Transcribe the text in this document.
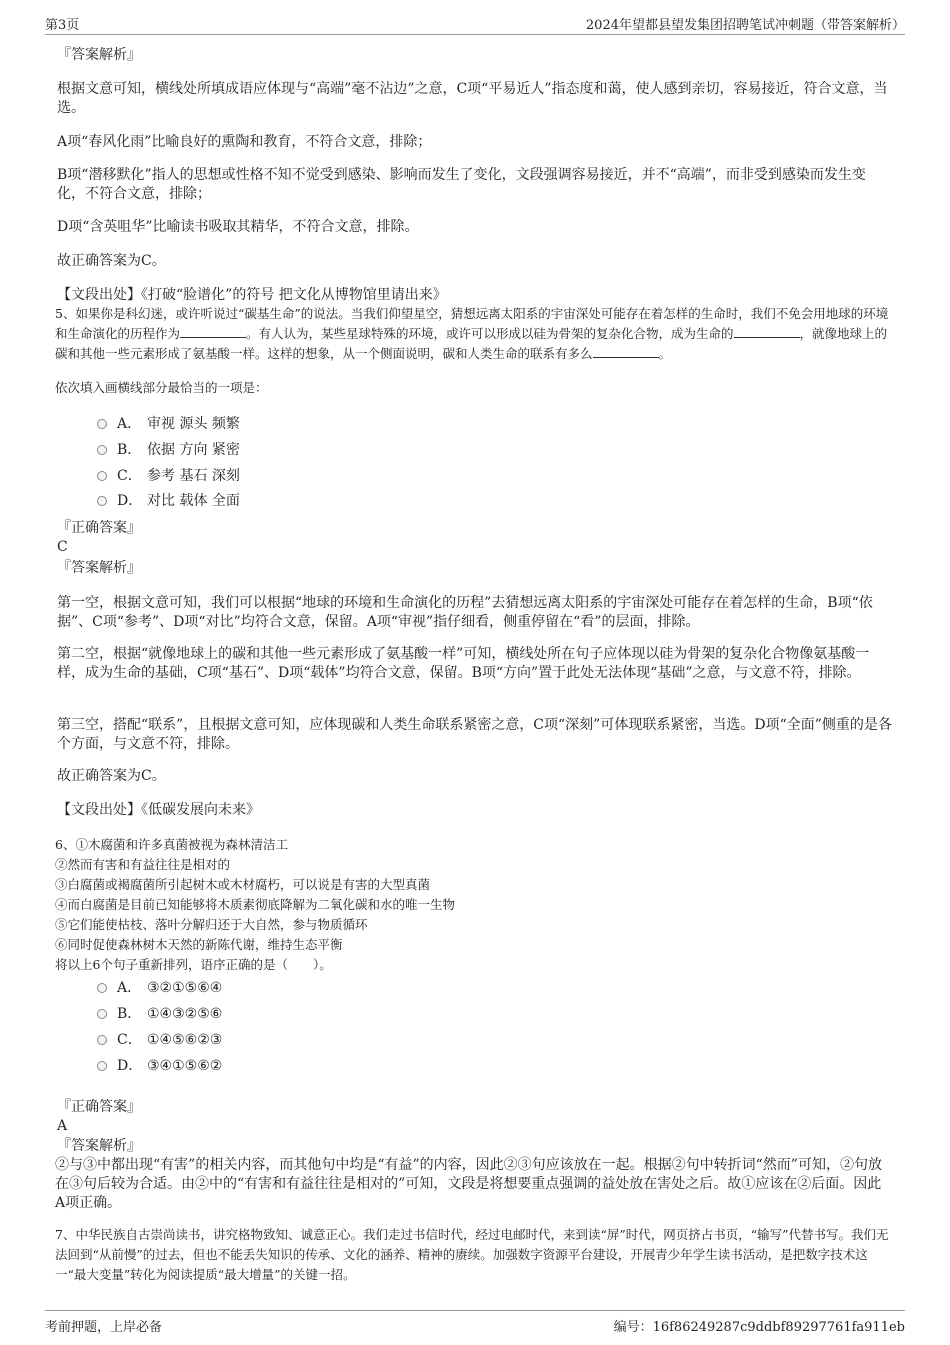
第3页	2024年望都县望发集团招聘笔试冲刺题（带答案解析）
『答案解析』
根据文意可知，横线处所填成语应体现与“高端”毫不沾边”之意，C项“平易近人”指态度和蔼，使人感到亲切，容易接近，符合文意，当选。
A项“春风化雨”比喻良好的熏陶和教育，不符合文意，排除；
B项“潜移默化”指人的思想或性格不知不觉受到感染、影响而发生了变化，文段强调容易接近，并不“高端”，而非受到感染而发生变化，不符合文意，排除；
D项“含英咀华”比喻读书吸取其精华，不符合文意，排除。
故正确答案为C。
【文段出处】《打破“脸谱化”的符号 把文化从博物馆里请出来》
5、如果你是科幻迷，或许听说过“碳基生命”的说法。当我们仰望星空，猜想远离太阳系的宇宙深处可能存在着怎样的生命时，我们不免会用地球的环境和生命演化的历程作为	。有人认为，某些星球特殊的环境，或许可以形成以硅为骨架的复杂化合物，成为生命的	，就像地球上的碳和其他一些元素形成了氨基酸一样。这样的想象，从一个侧面说明，碳和人类生命的联系有多么	。
依次填入画横线部分最恰当的一项是：
A． 审视 源头 频繁
B． 依据 方向 紧密
C． 参考 基石 深刻
D． 对比 载体 全面
『正确答案』
C
『答案解析』
第一空，根据文意可知，我们可以根据“地球的环境和生命演化的历程”去猜想远离太阳系的宇宙深处可能存在着怎样的生命，B项“依据”、C项“参考”、D项“对比”均符合文意，保留。A项“审视”指仔细看，侧重停留在“看”的层面，排除。
第二空，根据“就像地球上的碳和其他一些元素形成了氨基酸一样”可知，横线处所在句子应体现以硅为骨架的复杂化合物像氨基酸一样，成为生命的基础，C项“基石”、D项“载体”均符合文意，保留。B项“方向”置于此处无法体现“基础”之意，与文意不符，排除。
第三空，搭配“联系”，且根据文意可知，应体现碳和人类生命联系紧密之意，C项“深刻”可体现联系紧密，当选。D项“全面”侧重的是各个方面，与文意不符，排除。
故正确答案为C。
【文段出处】《低碳发展向未来》
6、①木腐菌和许多真菌被视为森林清洁工
②然而有害和有益往往是相对的
③白腐菌或褐腐菌所引起树木或木材腐朽，可以说是有害的大型真菌
④而白腐菌是目前已知能够将木质素彻底降解为二氧化碳和水的唯一生物
⑤它们能使枯枝、落叶分解归还于大自然，参与物质循环
⑥同时促使森林树木天然的新陈代谢，维持生态平衡
将以上6个句子重新排列，语序正确的是（　　）。
A． ③②①⑤⑥④
B． ①④③②⑤⑥
C． ①④⑤⑥②③
D． ③④①⑤⑥②
『正确答案』
A
『答案解析』
②与③中都出现“有害”的相关内容，而其他句中均是“有益”的内容，因此②③句应该放在一起。根据②句中转折词“然而”可知，②句放在③句后较为合适。由②中的“有害和有益往往是相对的”可知，文段是将想要重点强调的益处放在害处之后。故①应该在②后面。因此A项正确。
7、中华民族自古崇尚读书，讲究格物致知、诚意正心。我们走过书信时代，经过电邮时代，来到读“屏”时代，网页挤占书页，“输写”代替书写。我们无法回到“从前慢”的过去，但也不能丢失知识的传承、文化的涵养、精神的赓续。加强数字资源平台建设，开展青少年学生读书活动，是把数字技术这一“最大变量”转化为阅读提质“最大增量”的关键一招。
考前押题，上岸必备	编号：16f86249287c9ddbf89297761fa911eb
